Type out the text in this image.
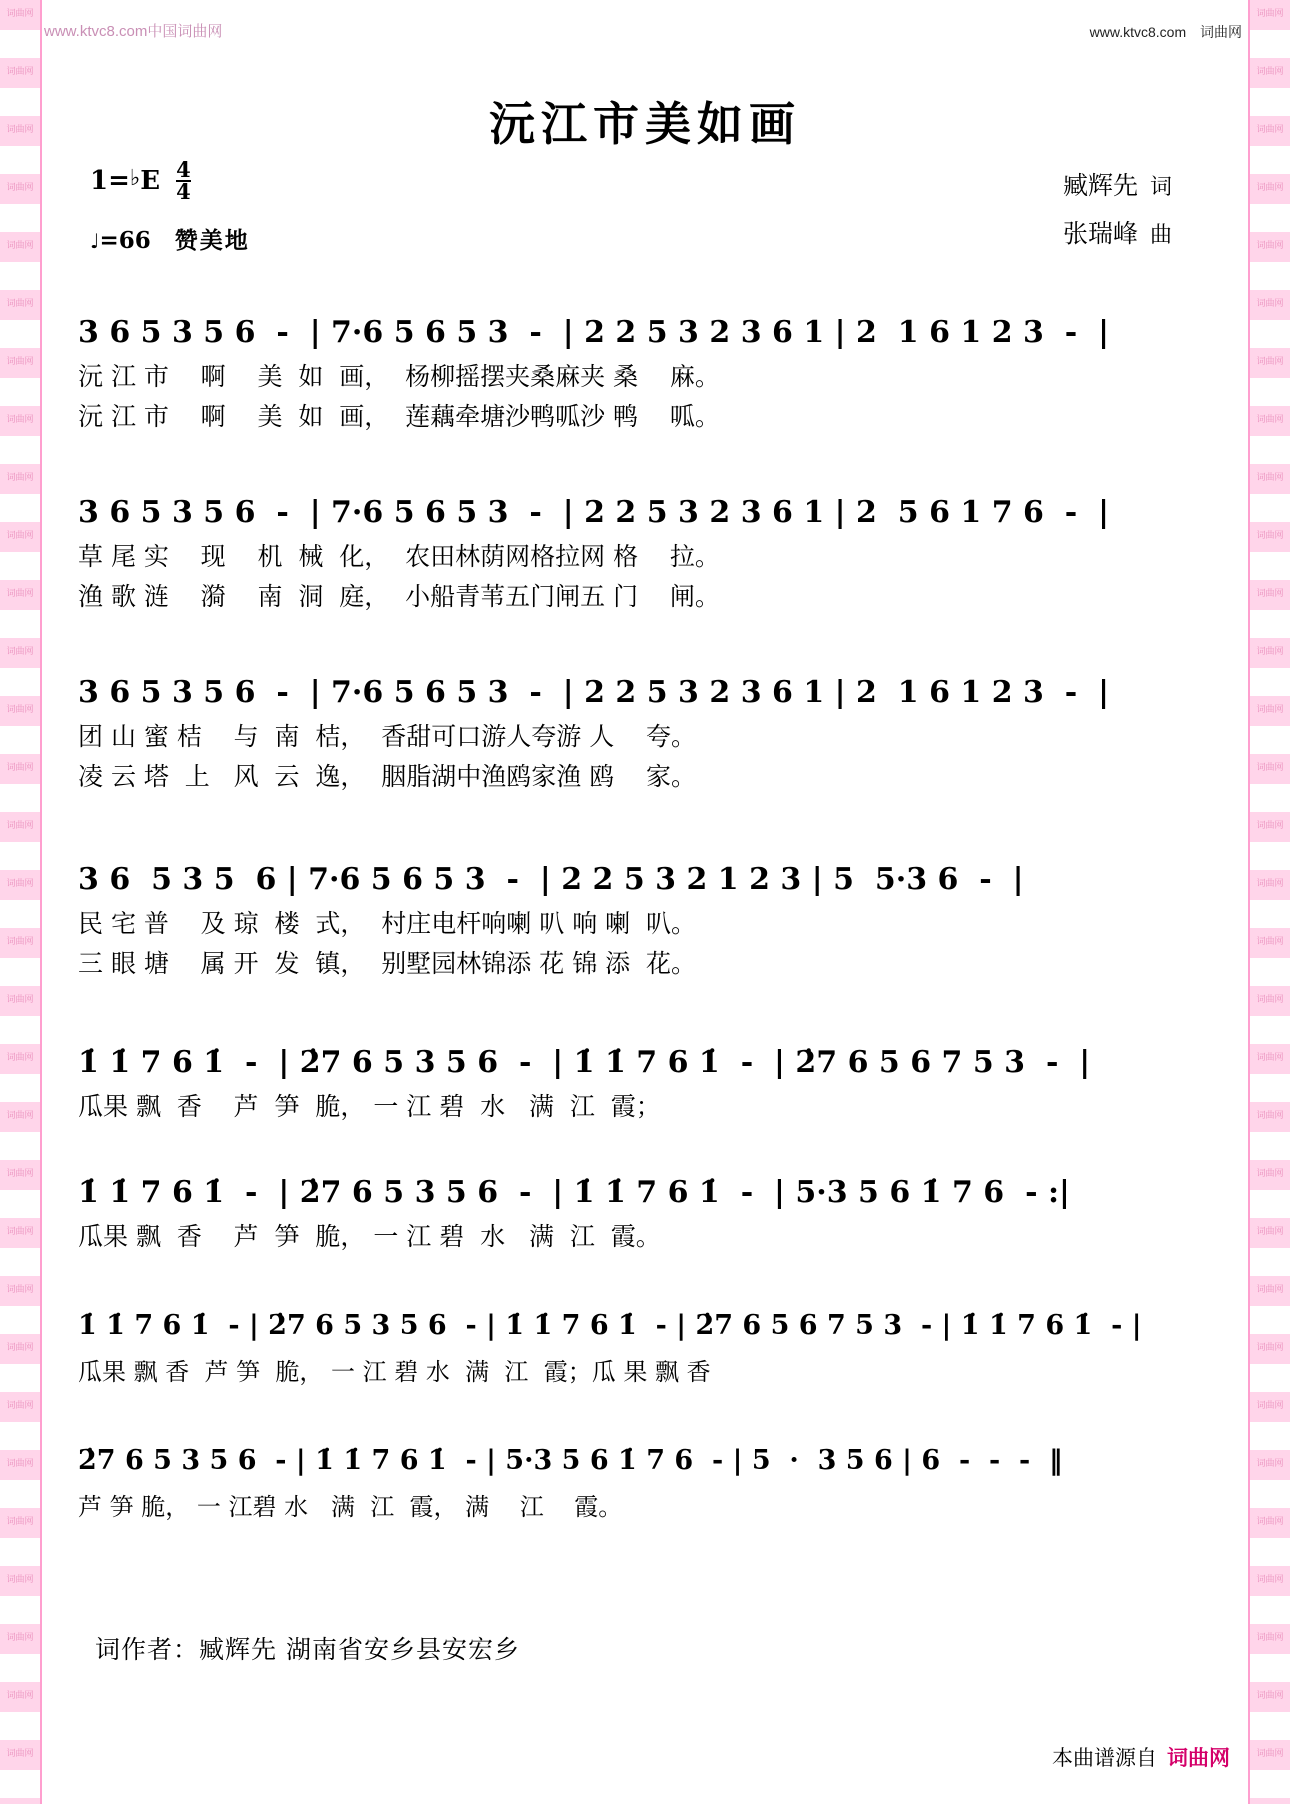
词曲网
词曲网
词曲网
词曲网
词曲网
词曲网
词曲网
词曲网
词曲网
词曲网
词曲网
词曲网
词曲网
词曲网
词曲网
词曲网
词曲网
词曲网
词曲网
词曲网
词曲网
词曲网
词曲网
词曲网
词曲网
词曲网
词曲网
词曲网
词曲网
词曲网
词曲网
词曲网
词曲网
词曲网
词曲网
词曲网
词曲网
词曲网
词曲网
词曲网
词曲网
词曲网
词曲网
词曲网
词曲网
词曲网
词曲网
词曲网
词曲网
词曲网
词曲网
词曲网
词曲网
词曲网
词曲网
词曲网
词曲网
词曲网
词曲网
词曲网
词曲网
词曲网
www.ktvc8.com中国词曲网	www.ktvc8.com 词曲网
沅江市美如画
1= ♭ E $\frac{4}{4}$
♩=66 赞美地
臧辉先 词
张瑞峰 曲
3 6 5 3 5 6  -  | 7·6 5 6 5 3  -  | 2 2 5 3 2 3 6 1 | 2  1 6 1 2 3  -  |
沅 江 市    啊    美  如  画，  杨柳摇摆夹桑麻夹 桑    麻。
沅 江 市    啊    美  如  画，  莲藕牵塘沙鸭呱沙 鸭    呱。
3 6 5 3 5 6  -  | 7·6 5 6 5 3  -  | 2 2 5 3 2 3 6 1 | 2  5 6 1 7 6  -  |
草 尾 实    现    机  械  化，  农田林荫网格拉网 格    拉。
渔 歌 涟    漪    南  洞  庭，  小船青苇五门闸五 门    闸。
3 6 5 3 5 6  -  | 7·6 5 6 5 3  -  | 2 2 5 3 2 3 6 1 | 2  1 6 1 2 3  -  |
团 山 蜜 桔    与  南  桔，  香甜可口游人夸游 人    夸。
凌 云 塔  上   风  云  逸，  胭脂湖中渔鸥家渔 鸥    家。
3 6  5 3 5  6 | 7·6 5 6 5 3  -  | 2 2 5 3 2 1 2 3 | 5  5·3 6  -  |
民 宅 普    及 琼  楼  式，  村庄电杆响喇 叭 响 喇  叭。
三 眼 塘    属 开  发  镇，  别墅园林锦添 花 锦 添  花。
1̇ 1̇ 7 6 1̇  -  | 2̇7 6 5 3 5 6  -  | 1̇ 1̇ 7 6 1̇  -  | 2̇7 6 5 6 7 5 3  -  |
瓜果 飘  香    芦  笋  脆， 一 江 碧  水   满  江  霞；
1̇ 1̇ 7 6 1̇  -  | 2̇7 6 5 3 5 6  -  | 1̇ 1̇ 7 6 1̇  -  | 5·3 5 6 1̇ 7 6  - :|
瓜果 飘  香    芦  笋  脆， 一 江 碧  水   满  江  霞。
1̇ 1̇ 7 6 1̇  - | 2̇7 6 5 3 5 6  - | 1̇ 1̇ 7 6 1̇  - | 2̇7 6 5 6 7 5 3  - | 1̇ 1̇ 7 6 1̇  - |
瓜果 飘 香  芦 笋  脆， 一 江 碧 水  满  江  霞；瓜 果 飘 香
2̇7 6 5 3 5 6  - | 1̇ 1̇ 7 6 1̇  - | 5·3 5 6 1̇ 7 6  - | 5  ·  3 5 6 | 6  -  -  -  ‖
芦 笋 脆， 一 江碧 水   满  江  霞， 满    江    霞。
词作者：臧辉先 湖南省安乡县安宏乡
本曲谱源自 词曲网
